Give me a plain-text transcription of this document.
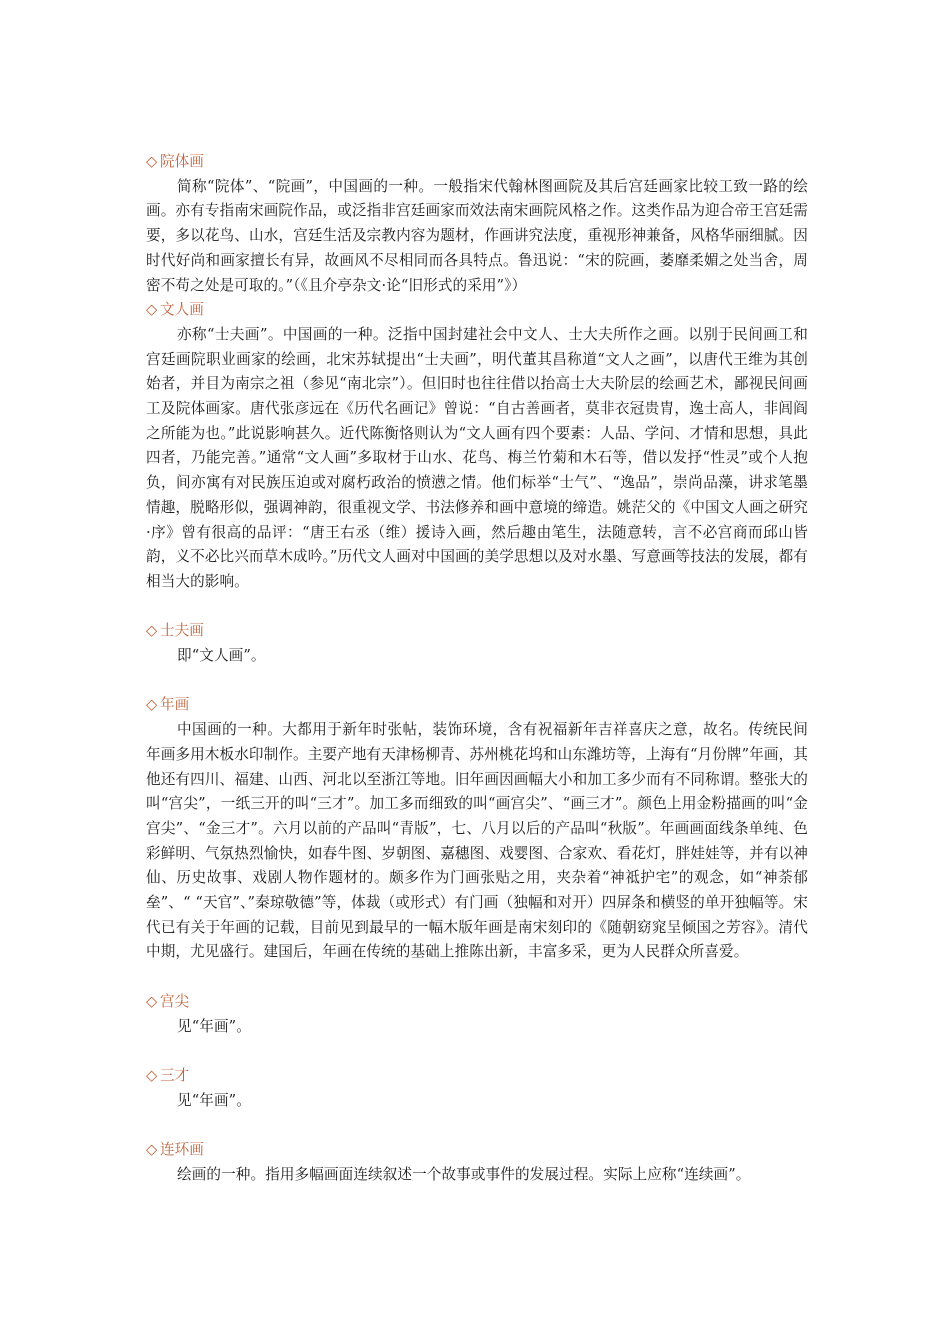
◇ 院体画

简称“院体”、“院画”，中国画的一种。一般指宋代翰林图画院及其后宫廷画家比较工致一路的绘画。亦有专指南宋画院作品，或泛指非宫廷画家而效法南宋画院风格之作。这类作品为迎合帝王宫廷需要，多以花鸟、山水，宫廷生活及宗教内容为题材，作画讲究法度，重视形神兼备，风格华丽细腻。因时代好尚和画家擅长有异，故画风不尽相同而各具特点。鲁迅说：“宋的院画，萎靡柔媚之处当舍，周密不苟之处是可取的。”（《且介亭杂文·论“旧形式的采用”》）

◇ 文人画

亦称“士夫画”。中国画的一种。泛指中国封建社会中文人、士大夫所作之画。以别于民间画工和宫廷画院职业画家的绘画，北宋苏轼提出“士夫画”，明代董其昌称道“文人之画”，以唐代王维为其创始者，并目为南宗之祖（参见“南北宗”）。但旧时也往往借以抬高士大夫阶层的绘画艺术，鄙视民间画工及院体画家。唐代张彦远在《历代名画记》曾说：“自古善画者，莫非衣冠贵胄，逸士高人，非闾阎之所能为也。”此说影响甚久。近代陈衡恪则认为“文人画有四个要素：人品、学问、才情和思想，具此四者，乃能完善。”通常“文人画”多取材于山水、花鸟、梅兰竹菊和木石等，借以发抒“性灵”或个人抱负，间亦寓有对民族压迫或对腐朽政治的愤懑之情。他们标举“士气”、“逸品”，崇尚品藻，讲求笔墨情趣，脱略形似，强调神韵，很重视文学、书法修养和画中意境的缔造。姚茫父的《中国文人画之研究·序》曾有很高的品评：“唐王右丞（维）援诗入画，然后趣由笔生，法随意转，言不必宫商而邱山皆韵，义不必比兴而草木成吟。”历代文人画对中国画的美学思想以及对水墨、写意画等技法的发展，都有相当大的影响。

◇ 士夫画

即“文人画”。

◇ 年画

中国画的一种。大都用于新年时张帖，装饰环境，含有祝福新年吉祥喜庆之意，故名。传统民间年画多用木板水印制作。主要产地有天津杨柳青、苏州桃花坞和山东潍坊等，上海有“月份牌”年画，其他还有四川、福建、山西、河北以至浙江等地。旧年画因画幅大小和加工多少而有不同称谓。整张大的叫“宫尖”，一纸三开的叫“三才”。加工多而细致的叫“画宫尖”、“画三才”。颜色上用金粉描画的叫“金宫尖”、“金三才”。六月以前的产品叫“青版”，七、八月以后的产品叫“秋版”。年画画面线条单纯、色彩鲜明、气氛热烈愉快，如春牛图、岁朝图、嘉穗图、戏婴图、合家欢、看花灯，胖娃娃等，并有以神仙、历史故事、戏剧人物作题材的。颇多作为门画张贴之用，夹杂着“神祗护宅”的观念，如“神荼郁垒”、“ “天官”、”秦琼敬德”等，体裁（或形式）有门画（独幅和对开）四屏条和横竖的单开独幅等。宋代已有关于年画的记载，目前见到最早的一幅木版年画是南宋刻印的《随朝窈窕呈倾国之芳容》。清代中期，尤见盛行。建国后，年画在传统的基础上推陈出新，丰富多采，更为人民群众所喜爱。

◇ 宫尖

见“年画”。

◇ 三才

见“年画”。

◇ 连环画

绘画的一种。指用多幅画面连续叙述一个故事或事件的发展过程。实际上应称“连续画”。
